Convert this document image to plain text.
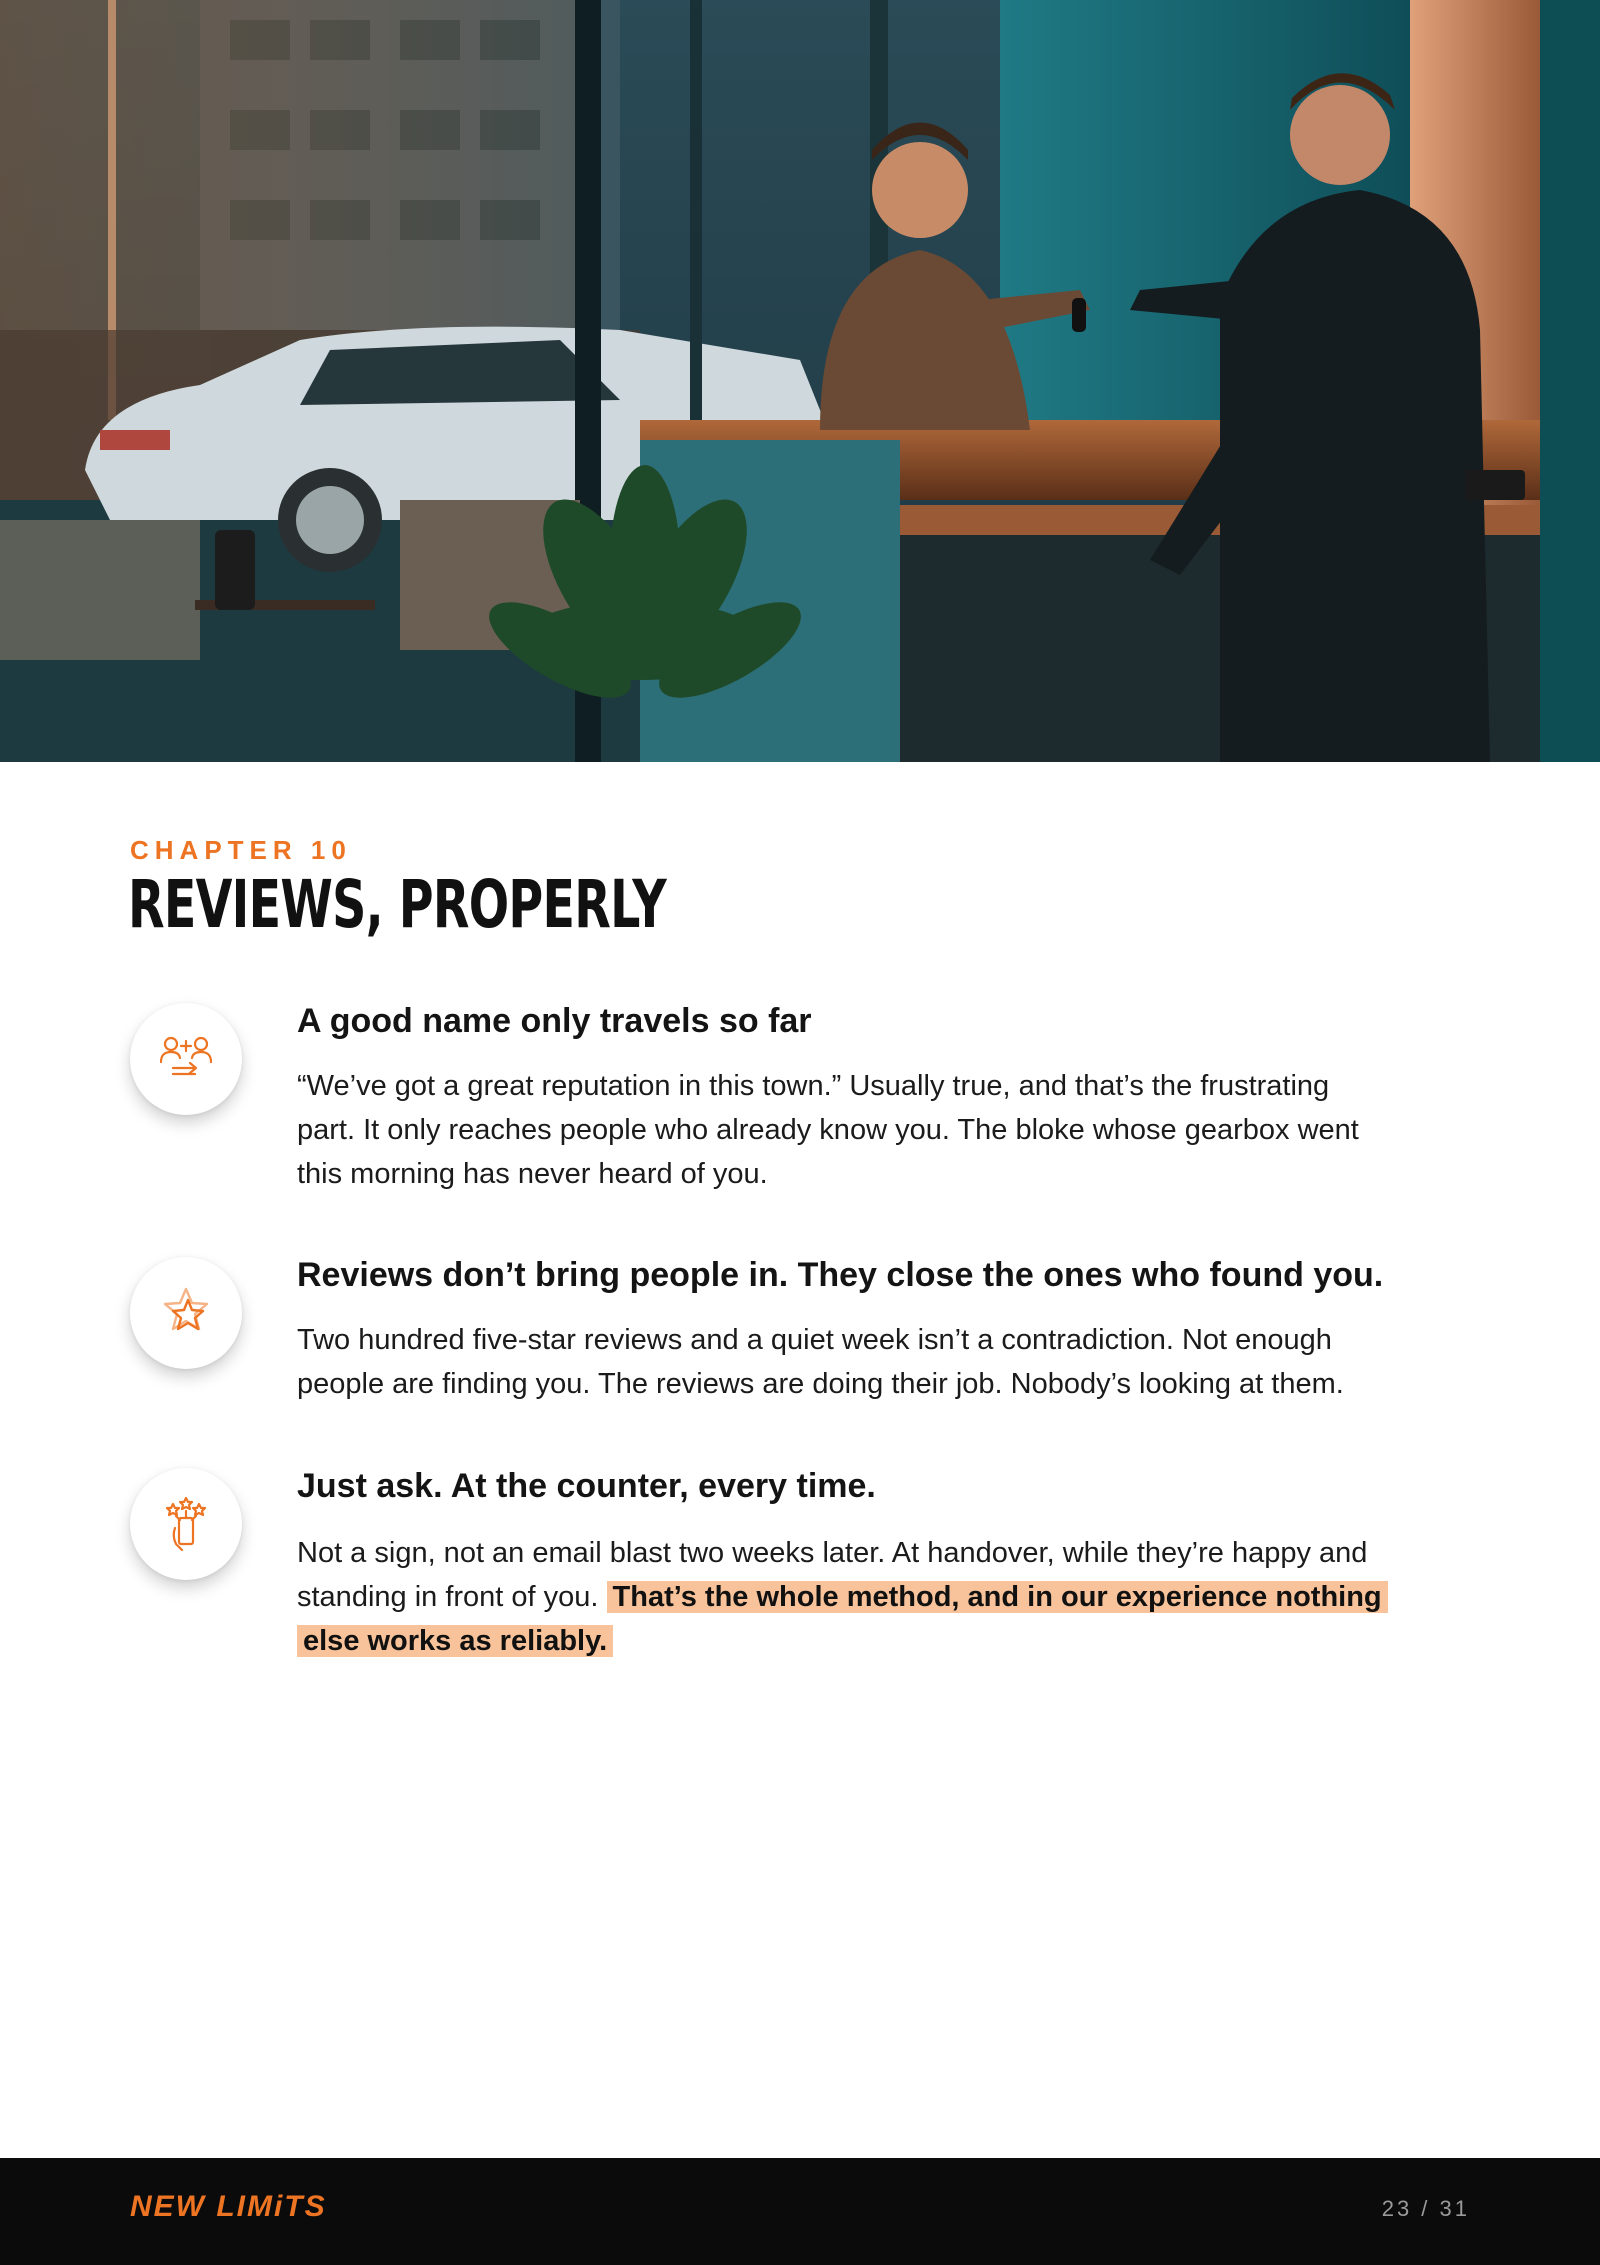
CHAPTER 10

REVIEWS, PROPERLY
A good name only travels so far

“We’ve got a great reputation in this town.” Usually true, and that’s the frustrating part. It only reaches people who already know you. The bloke whose gearbox went this morning has never heard of you.

Reviews don’t bring people in. They close the ones who found you.

Two hundred five-star reviews and a quiet week isn’t a contradiction. Not enough people are finding you. The reviews are doing their job. Nobody’s looking at them.

Just ask. At the counter, every time.

Not a sign, not an email blast two weeks later. At handover, while they’re happy and standing in front of you. That’s the whole method, and in our experience nothing else works as reliably.

NEW LIMiTS	23 / 31
